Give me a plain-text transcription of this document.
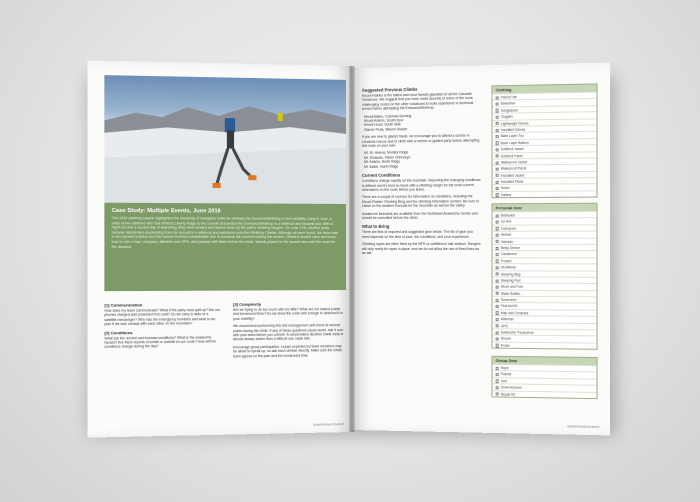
Case Study: Multiple Events, June 2016
The 2016 climbing season highlighted the necessity of navigation skills for climbing the Emmons/Winthrop in zero-visibility. Early in June, a party of two climbers who had climbed Liberty Ridge to the summit descended the Emmons/Winthrop in a whiteout and became lost. After a night out and a second day of searching, they were located and helped down by the park's climbing rangers. On June 17th, another party became disoriented descending from the summit in a whiteout and wandered onto the Winthrop Glacier. Although all were found, the team was in an exposed position and the rescue involved considerable risk. A crevasse fall occurred during the search. Climbers should carry and know how to use a map, compass, altimeter and GPS, and practice with them before the climb. Wands placed on the ascent can mark the route for the descent.
[1] Communication
How does my team communicate? What if the party must split up? Are our phones charged and protected from cold? Do we carry a radio or a satellite messenger? Who has the emergency numbers and what is our plan if we lose contact with each other on the mountain?
[2] Conditions
What are the current and forecast conditions? What is the avalanche hazard? Are there reports of icefall or rockfall on our route? How will the conditions change during the day?
[3] Complexity
Are we trying to do too much with too little? What are our bailout points and turnaround time? Do we know the route well enough to descend it in poor visibility?
We recommend performing this risk management self-check at several points during the climb. If any of these questions cause doubt, talk it over with your team before you commit. A conservative decision made early is almost always easier than a difficult one made late.
Encourage group participation. Lesser experienced team members may be afraid to speak up, so ask each climber directly. Make sure the whole team agrees on the plan and the turnaround time.
EMMONS/WINTHROP
Suggested Previous Climbs
Mount Rainier is the tallest and most heavily glaciated of all the Cascade Volcanoes. We suggest that you have made ascents of some of the more challenging routes on the other volcanoes to build experience in technical terrain before attempting the Emmons/Winthrop.
Mount Baker, Coleman-Deming
Mount Adams, South Spur
Mount Hood, South Side
Glacier Peak, Sitkum Glacier
If you are new to glacier travel, we encourage you to attend a course in crevasse rescue and to climb with a mentor or guided party before attempting this route on your own.
Mt. St. Helens, Monitor Ridge
Mt. Shuksan, Fisher Chimneys
Mt. Adams, North Ridge
Mt. Baker, North Ridge
Current Conditions
Conditions change rapidly on the mountain. Reporting the changing conditions is difficult and it's best to check with a climbing ranger for the most current information on the route before you leave.
There are a couple of sources for information on conditions, including the Mount Rainier Climbing Blog and the climbing information centers. Be sure to check on the weather forecast for the mountain as well as the valley.
Avalanche forecasts are available from the Northwest Avalanche Center and should be consulted before the climb.
What to Bring
There are lists of required and suggested gear below. The list of gear you need depends on the time of year, the conditions, and your experience.
Climbing ropes are often fixed by the NPS or outfitters in late season. Rangers will only rarely fix ropes in place, and we do not allow the use of fixed lines as an aid.
Clothing
Fleece Hat
Balaclava
Sunglasses
Goggles
Lightweight Gloves
Insulated Gloves
Base Layer Top
Base Layer Bottom
Softshell Jacket
Softshell Pants
Waterproof Jacket
Waterproof Pants
Insulated Jacket
Insulated Pants
Socks
Gaiters
Personal Gear
Backpack
Ice Axe
Crampons
Helmet
Harness
Belay Device
Carabiners
Prusiks
Headlamp
Sleeping Bag
Sleeping Pad
Stove and Fuel
Water Bottles
Sunscreen
First Aid Kit
Map and Compass
Altimeter
GPS
Avalanche Transceiver
Shovel
Probe
Group Gear
Rope
Pickets
Tent
Snow Anchors
Repair Kit
EMMONS/WINTHROP
